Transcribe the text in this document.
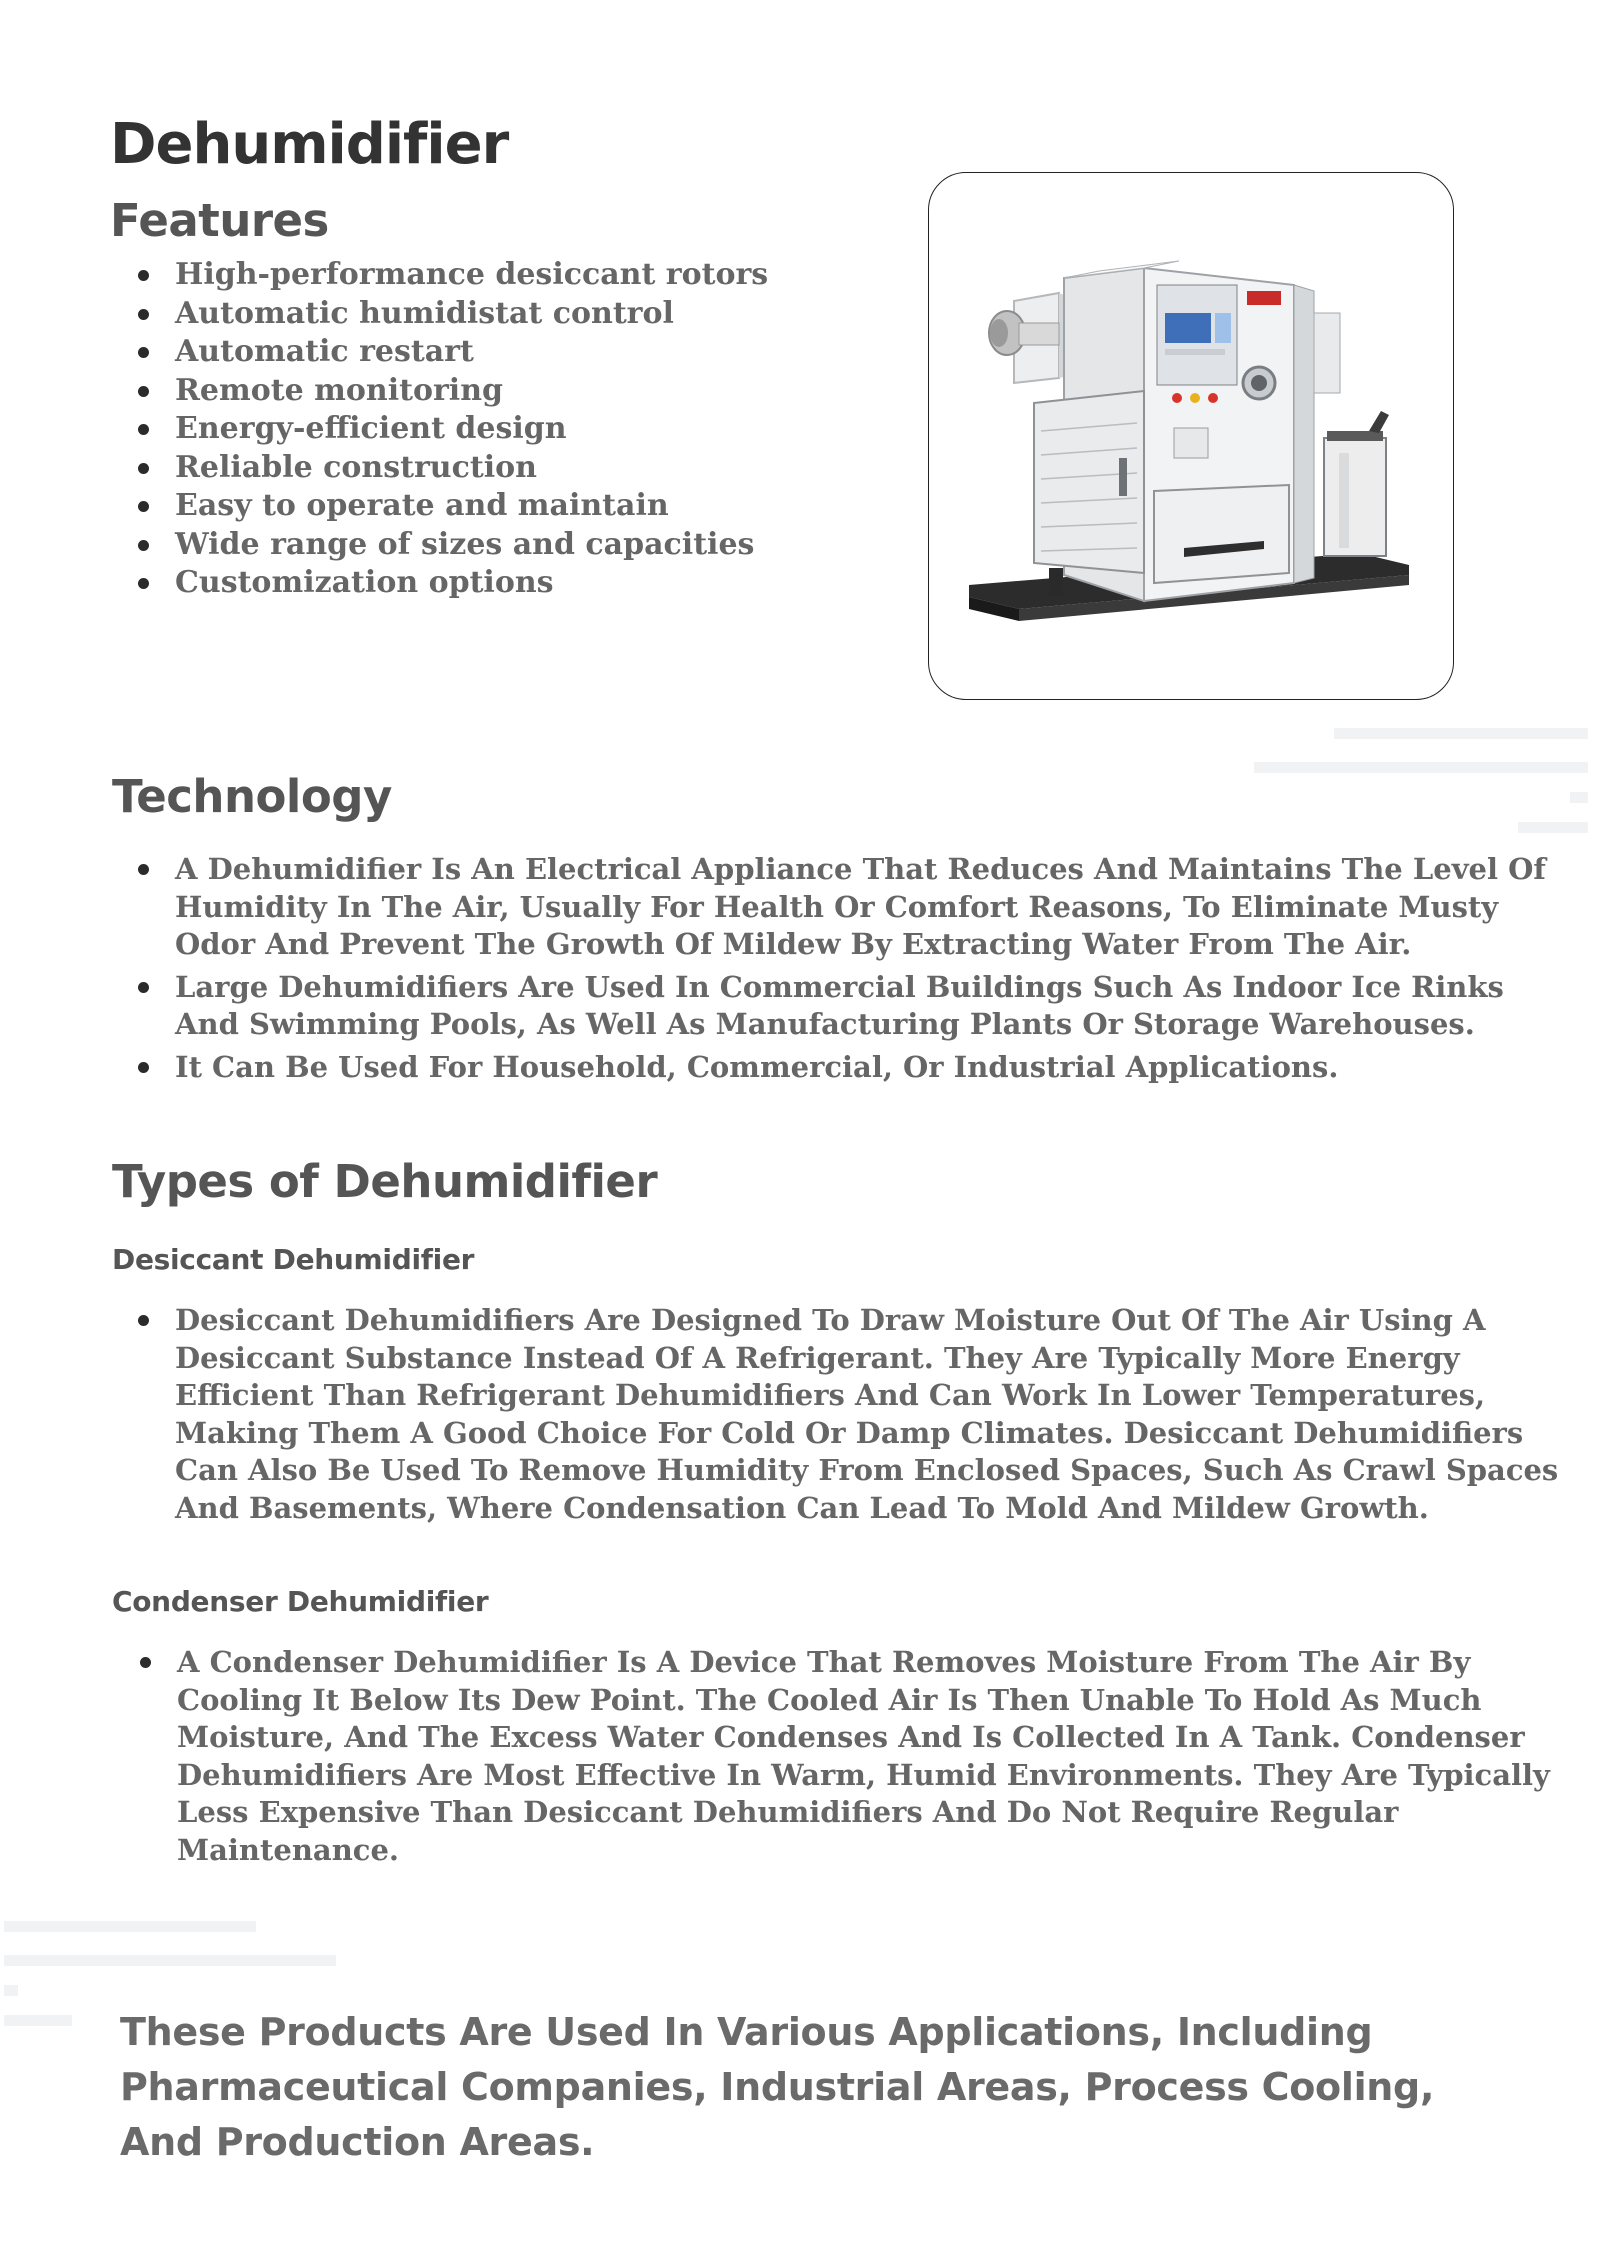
Dehumidifier
Features
High-performance desiccant rotors
Automatic humidistat control
Automatic restart
Remote monitoring
Energy-efficient design
Reliable construction
Easy to operate and maintain
Wide range of sizes and capacities
Customization options
Technology
A Dehumidifier Is An Electrical Appliance That Reduces And Maintains The Level Of Humidity In The Air, Usually For Health Or Comfort Reasons, To Eliminate Musty Odor And Prevent The Growth Of Mildew By Extracting Water From The Air.
Large Dehumidifiers Are Used In Commercial Buildings Such As Indoor Ice Rinks And Swimming Pools, As Well As Manufacturing Plants Or Storage Warehouses.
It Can Be Used For Household, Commercial, Or Industrial Applications.
Types of Dehumidifier
Desiccant Dehumidifier
Desiccant Dehumidifiers Are Designed To Draw Moisture Out Of The Air Using A Desiccant Substance Instead Of A Refrigerant. They Are Typically More Energy Efficient Than Refrigerant Dehumidifiers And Can Work In Lower Temperatures, Making Them A Good Choice For Cold Or Damp Climates. Desiccant Dehumidifiers Can Also Be Used To Remove Humidity From Enclosed Spaces, Such As Crawl Spaces And Basements, Where Condensation Can Lead To Mold And Mildew Growth.
Condenser Dehumidifier
A Condenser Dehumidifier Is A Device That Removes Moisture From The Air By Cooling It Below Its Dew Point. The Cooled Air Is Then Unable To Hold As Much Moisture, And The Excess Water Condenses And Is Collected In A Tank. Condenser Dehumidifiers Are Most Effective In Warm, Humid Environments. They Are Typically Less Expensive Than Desiccant Dehumidifiers And Do Not Require Regular Maintenance.
These Products Are Used In Various Applications, Including Pharmaceutical Companies, Industrial Areas, Process Cooling, And Production Areas.
